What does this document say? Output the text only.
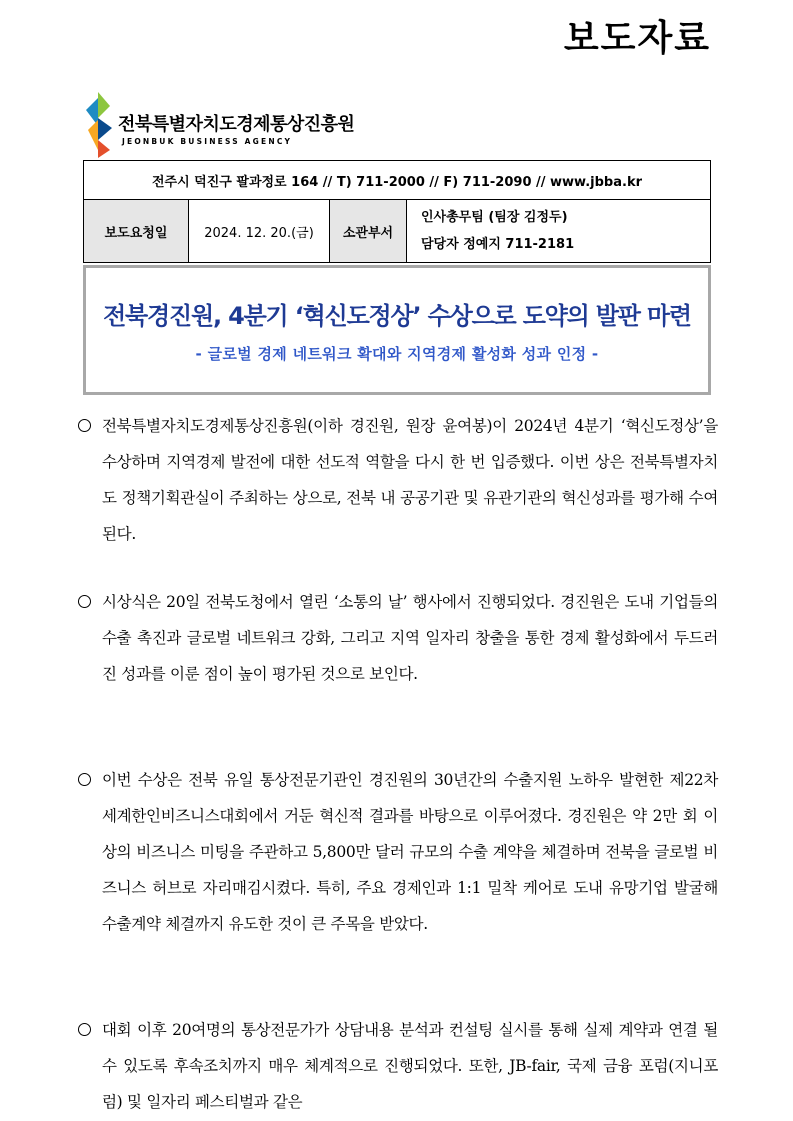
보도자료
전북특별자치도경제통상진흥원
JEONBUK BUSINESS AGENCY
전주시 덕진구 팔과정로 164 // T) 711-2000 // F) 711-2090 // www.jbba.kr
보도요청일	2024. 12. 20.(금)	소관부서	
인사총무팀 (팀장 김정두)
담당자 정예지 711-2181
전북경진원, 4분기 ‘혁신도정상’ 수상으로 도약의 발판 마련
- 글로벌 경제 네트워크 확대와 지역경제 활성화 성과 인정 -

전북특별자치도경제통상진흥원(이하 경진원, 원장 윤여봉)이 2024년 4분기 ‘혁신도정상’을 수상하며 지역경제 발전에 대한 선도적 역할을 다시 한 번 입증했다. 이번 상은 전북특별자치도 정책기획관실이 주최하는 상으로, 전북 내 공공기관 및 유관기관의 혁신성과를 평가해 수여된다.

시상식은 20일 전북도청에서 열린 ‘소통의 날’ 행사에서 진행되었다. 경진원은 도내 기업들의 수출 촉진과 글로벌 네트워크 강화, 그리고 지역 일자리 창출을 통한 경제 활성화에서 두드러진 성과를 이룬 점이 높이 평가된 것으로 보인다.

이번 수상은 전북 유일 통상전문기관인 경진원의 30년간의 수출지원 노하우 발현한 제22차 세계한인비즈니스대회에서 거둔 혁신적 결과를 바탕으로 이루어졌다. 경진원은 약 2만 회 이상의 비즈니스 미팅을 주관하고 5,800만 달러 규모의 수출 계약을 체결하며 전북을 글로벌 비즈니스 허브로 자리매김시켰다. 특히, 주요 경제인과 1:1 밀착 케어로 도내 유망기업 발굴해 수출계약 체결까지 유도한 것이 큰 주목을 받았다.

대회 이후 20여명의 통상전문가가 상담내용 분석과 컨설팅 실시를 통해 실제 계약과 연결 될 수 있도록 후속조치까지 매우 체계적으로 진행되었다. 또한, JB-fair, 국제 금융 포럼(지니포럼) 및 일자리 페스티벌과 같은
